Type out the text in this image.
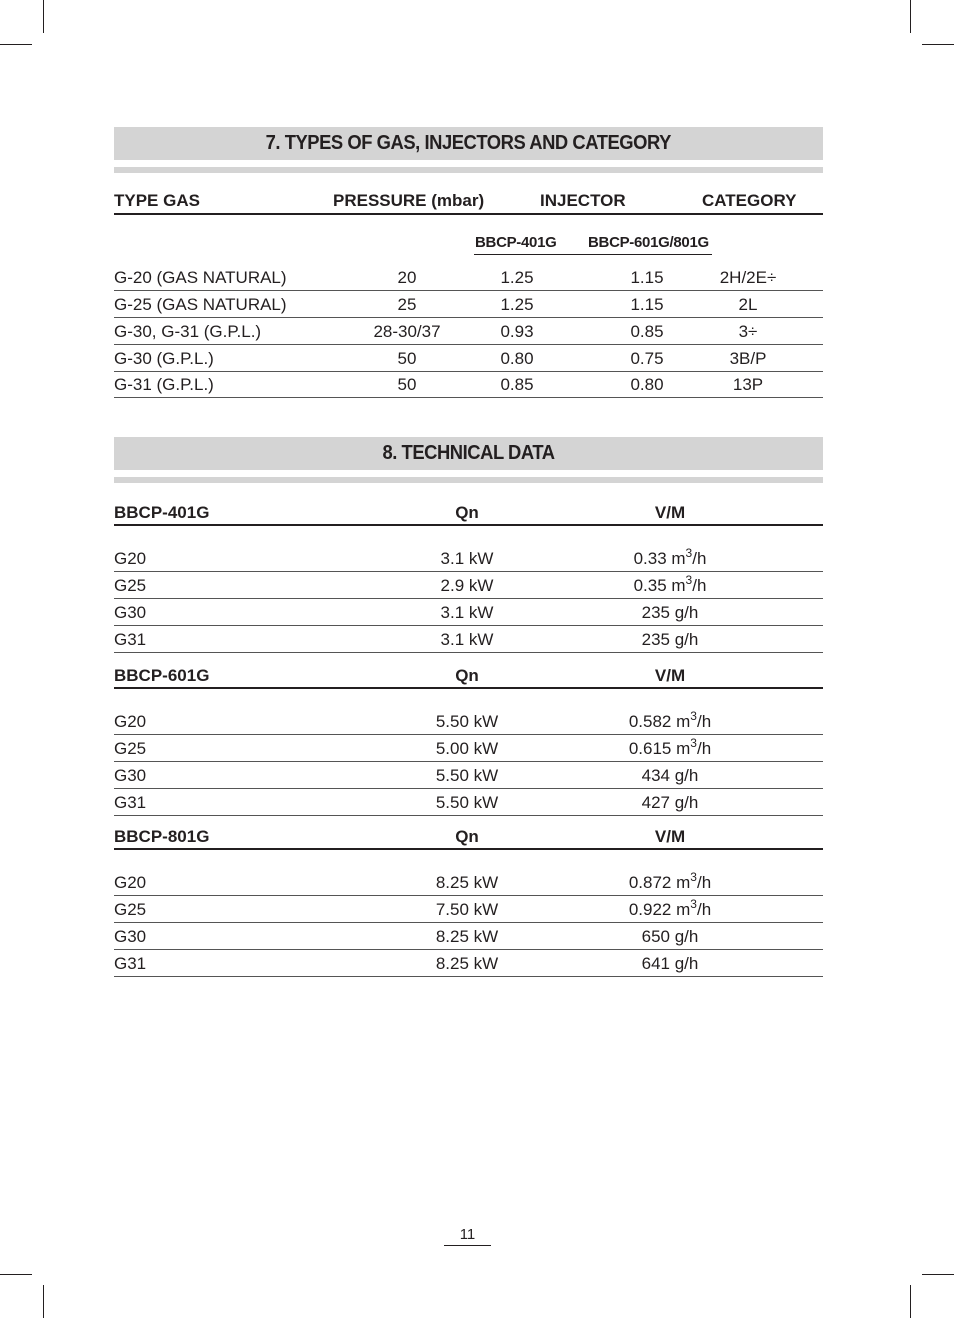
7. TYPES OF GAS, INJECTORS AND CATEGORY
TYPE GAS	PRESSURE (mbar)	INJECTOR	CATEGORY
BBCP-401G BBCP-601G/801G
G-20 (GAS NATURAL)	20	1.25	1.15	2H/2E÷
G-25 (GAS NATURAL)	25	1.25	1.15	2L
G-30, G-31 (G.P.L.)	28-30/37	0.93	0.85	3÷
G-30 (G.P.L.)	50	0.80	0.75	3B/P
G-31 (G.P.L.)	50	0.85	0.80	13P
8. TECHNICAL DATA
BBCP-401G	Qn	V/M
G20	3.1 kW	0.33 $m^3/h$
G25	2.9 kW	0.35 $m^3/h$
G30	3.1 kW	235 g/h
G31	3.1 kW	235 g/h
BBCP-601G	Qn	V/M
G20	5.50 kW	0.582 $m^3/h$
G25	5.00 kW	0.615 $m^3/h$
G30	5.50 kW	434 g/h
G31	5.50 kW	427 g/h
BBCP-801G	Qn	V/M
G20	8.25 kW	0.872 $m^3/h$
G25	7.50 kW	0.922 $m^3/h$
G30	8.25 kW	650 g/h
G31	8.25 kW	641 g/h
11
